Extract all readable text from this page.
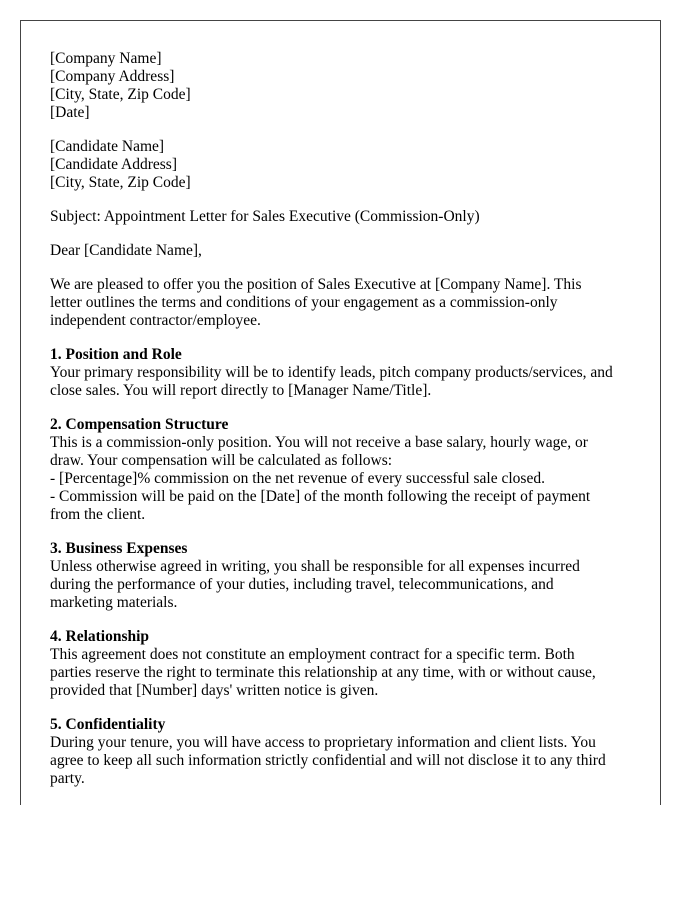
[Company Name]
[Company Address]
[City, State, Zip Code]
[Date]
[Candidate Name]
[Candidate Address]
[City, State, Zip Code]
Subject: Appointment Letter for Sales Executive (Commission-Only)
Dear [Candidate Name],
We are pleased to offer you the position of Sales Executive at [Company Name]. This
letter outlines the terms and conditions of your engagement as a commission-only
independent contractor/employee.
1. Position and Role
Your primary responsibility will be to identify leads, pitch company products/services, and
close sales. You will report directly to [Manager Name/Title].
2. Compensation Structure
This is a commission-only position. You will not receive a base salary, hourly wage, or
draw. Your compensation will be calculated as follows:
- [Percentage]% commission on the net revenue of every successful sale closed.
- Commission will be paid on the [Date] of the month following the receipt of payment
from the client.
3. Business Expenses
Unless otherwise agreed in writing, you shall be responsible for all expenses incurred
during the performance of your duties, including travel, telecommunications, and
marketing materials.
4. Relationship
This agreement does not constitute an employment contract for a specific term. Both
parties reserve the right to terminate this relationship at any time, with or without cause,
provided that [Number] days' written notice is given.
5. Confidentiality
During your tenure, you will have access to proprietary information and client lists. You
agree to keep all such information strictly confidential and will not disclose it to any third
party.
